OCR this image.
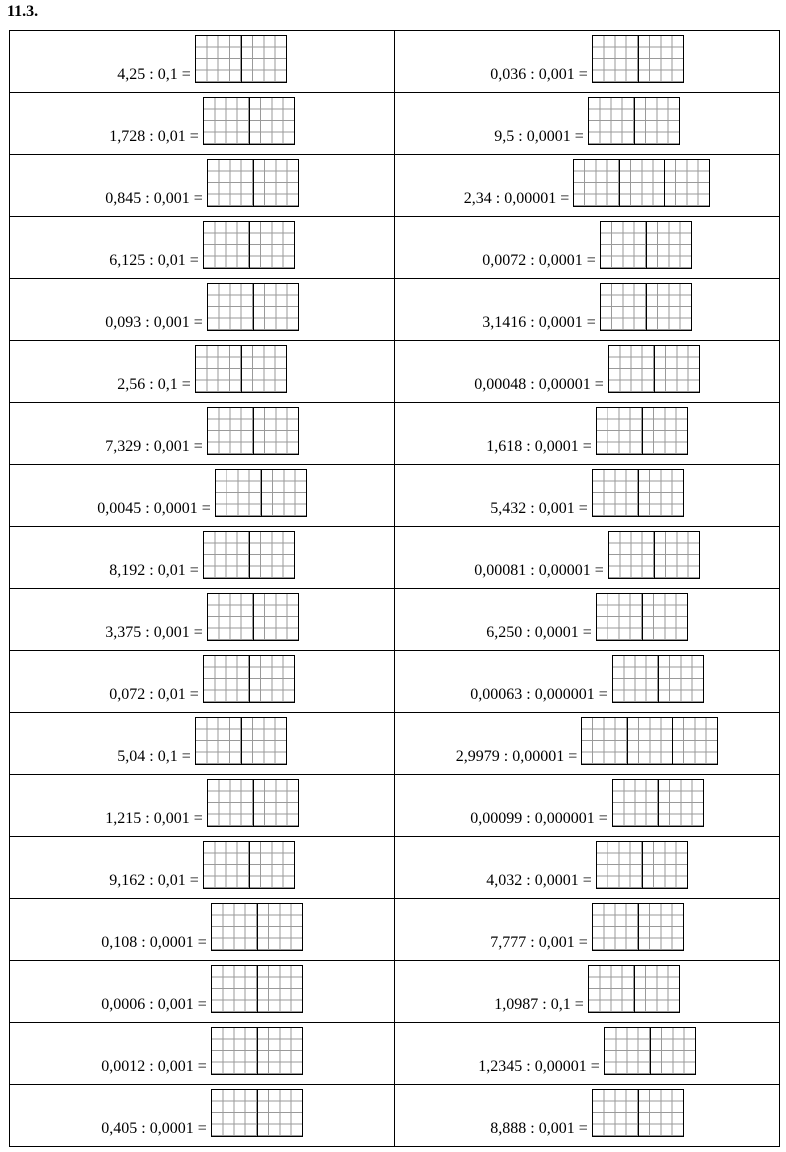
11.3.
4,25 : 0,1 =	0,036 : 0,001 =

1,728 : 0,01 =	9,5 : 0,0001 =

0,845 : 0,001 =	2,34 : 0,00001 =

6,125 : 0,01 =	0,0072 : 0,0001 =

0,093 : 0,001 =	3,1416 : 0,0001 =

2,56 : 0,1 =	0,00048 : 0,00001 =

7,329 : 0,001 =	1,618 : 0,0001 =

0,0045 : 0,0001 =	5,432 : 0,001 =

8,192 : 0,01 =	0,00081 : 0,00001 =

3,375 : 0,001 =	6,250 : 0,0001 =

0,072 : 0,01 =	0,00063 : 0,000001 =

5,04 : 0,1 =	2,9979 : 0,00001 =

1,215 : 0,001 =	0,00099 : 0,000001 =

9,162 : 0,01 =	4,032 : 0,0001 =

0,108 : 0,0001 =	7,777 : 0,001 =

0,0006 : 0,001 =	1,0987 : 0,1 =

0,0012 : 0,001 =	1,2345 : 0,00001 =

0,405 : 0,0001 =	8,888 : 0,001 =
